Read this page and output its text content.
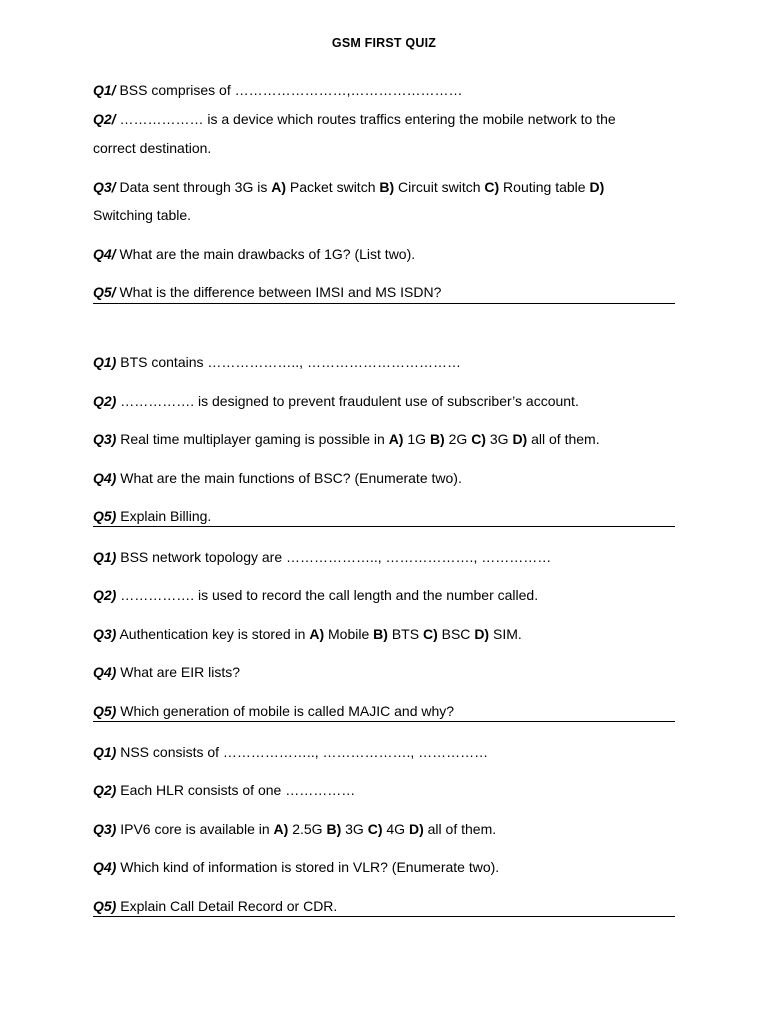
GSM FIRST QUIZ
Q1/ BSS comprises of ……………………,……………………
Q2/ ……………… is a device which routes traffics entering the mobile network to the
correct destination.
Q3/ Data sent through 3G is A) Packet switch B) Circuit switch C) Routing table D)
Switching table.
Q4/ What are the main drawbacks of 1G? (List two).
Q5/ What is the difference between IMSI and MS ISDN?
Q1) BTS contains ……………….., ……………………………
Q2) ……………. is designed to prevent fraudulent use of subscriber’s account.
Q3) Real time multiplayer gaming is possible in A) 1G B) 2G C) 3G D) all of them.
Q4) What are the main functions of BSC? (Enumerate two).
Q5) Explain Billing.
Q1) BSS network topology are ……………….., ………………., ……………
Q2) ……………. is used to record the call length and the number called.
Q3) Authentication key is stored in A) Mobile B) BTS C) BSC D) SIM.
Q4) What are EIR lists?
Q5) Which generation of mobile is called MAJIC and why?
Q1) NSS consists of ……………….., ………………., ……………
Q2) Each HLR consists of one ……………
Q3) IPV6 core is available in A) 2.5G B) 3G C) 4G D) all of them.
Q4) Which kind of information is stored in VLR? (Enumerate two).
Q5) Explain Call Detail Record or CDR.
